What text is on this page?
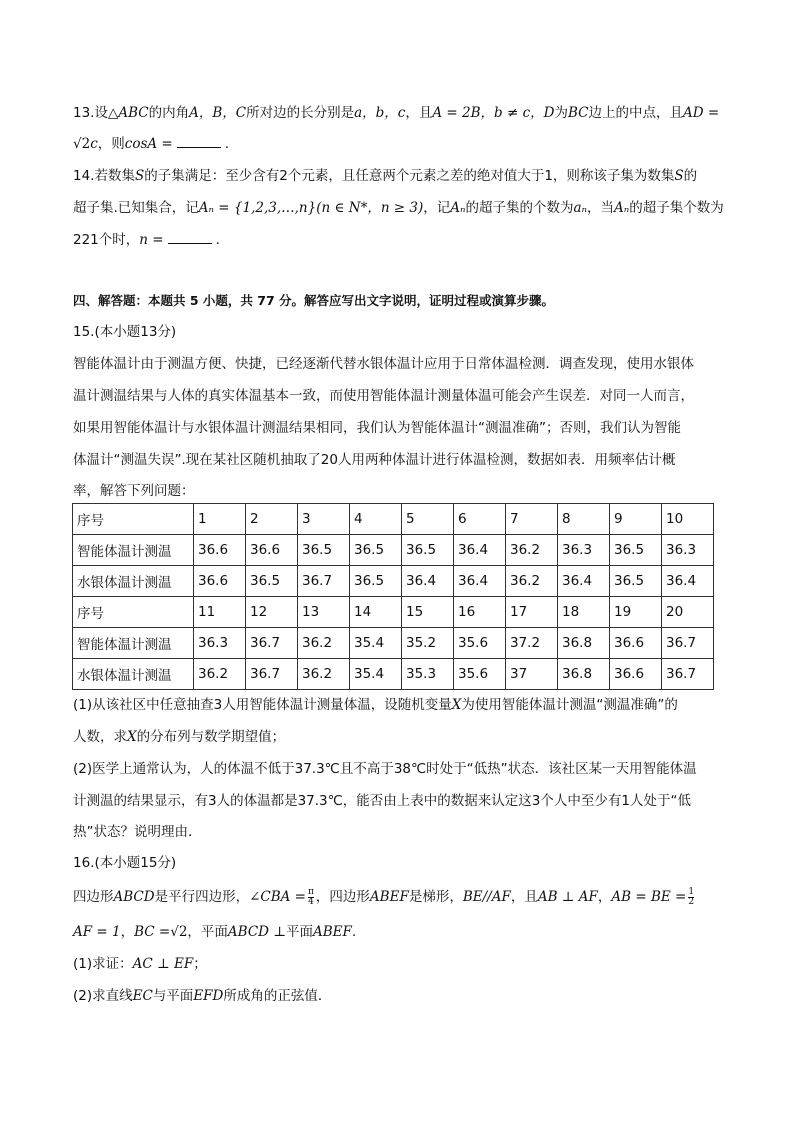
13.设△ABC的内角A，B，C所对边的长分别是a，b，c，且A = 2B，b ≠ c，D为BC边上的中点，且AD =
√2c，则cosA =	.
14.若数集S的子集满足：至少含有2个元素，且任意两个元素之差的绝对值大于1，则称该子集为数集S的
超子集.已知集合，记Aₙ = {1,2,3,…,n}(n ∈ N*，n ≥ 3)，记Aₙ的超子集的个数为aₙ，当Aₙ的超子集个数为
221个时，n =	.
四、解答题：本题共 5 小题，共 77 分。解答应写出文字说明，证明过程或演算步骤。
15.(本小题13分)
智能体温计由于测温方便、快捷，已经逐渐代替水银体温计应用于日常体温检测．调查发现，使用水银体
温计测温结果与人体的真实体温基本一致，而使用智能体温计测量体温可能会产生误差．对同一人而言，
如果用智能体温计与水银体温计测温结果相同，我们认为智能体温计“测温准确”；否则，我们认为智能
体温计“测温失误”.现在某社区随机抽取了20人用两种体温计进行体温检测，数据如表．用频率估计概
率，解答下列问题：
序号	1	2	3	4	5	6	7	8	9	10
智能体温计测温	36.6	36.6	36.5	36.5	36.5	36.4	36.2	36.3	36.5	36.3
水银体温计测温	36.6	36.5	36.7	36.5	36.4	36.4	36.2	36.4	36.5	36.4
序号	11	12	13	14	15	16	17	18	19	20
智能体温计测温	36.3	36.7	36.2	35.4	35.2	35.6	37.2	36.8	36.6	36.7
水银体温计测温	36.2	36.7	36.2	35.4	35.3	35.6	37	36.8	36.6	36.7
(1)从该社区中任意抽查3人用智能体温计测量体温，设随机变量X为使用智能体温计测温“测温准确”的
人数，求X的分布列与数学期望值；
(2)医学上通常认为，人的体温不低于37.3℃且不高于38℃时处于“低热”状态．该社区某一天用智能体温
计测温的结果显示，有3人的体温都是37.3℃，能否由上表中的数据来认定这3个人中至少有1人处于“低
热”状态？说明理由．
16.(本小题15分)
四边形ABCD是平行四边形，∠CBA = $\frac{\pi}{4}$ ，四边形ABEF是梯形，BE//AF，且AB ⊥ AF，AB = BE = $\frac{1}{2}$
AF = 1，BC =√2，平面ABCD ⊥平面ABEF.
(1)求证：AC ⊥ EF；
(2)求直线EC与平面EFD所成角的正弦值．
